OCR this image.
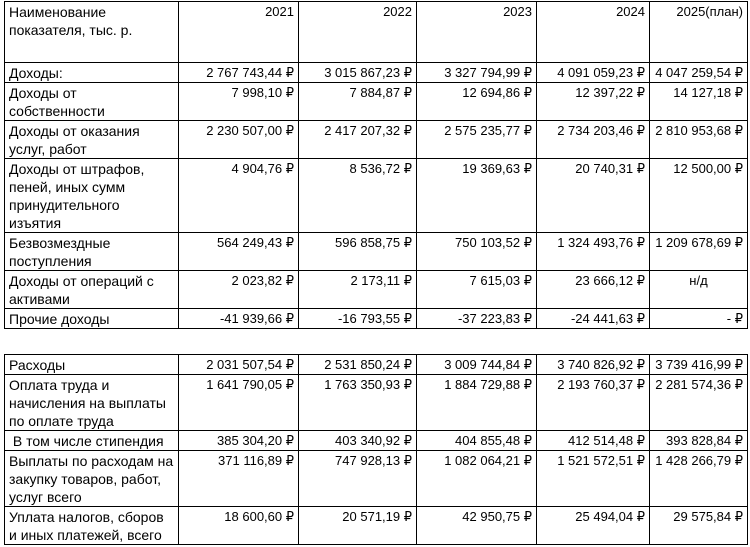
Наименование показателя, тыс. р.	2021	2022	2023	2024	2025(план)
Доходы:	2 767 743,44 ₽	3 015 867,23 ₽	3 327 794,99 ₽	4 091 059,23 ₽	4 047 259,54 ₽
Доходы от собственности	7 998,10 ₽	7 884,87 ₽	12 694,86 ₽	12 397,22 ₽	14 127,18 ₽
Доходы от оказания услуг, работ	2 230 507,00 ₽	2 417 207,32 ₽	2 575 235,77 ₽	2 734 203,46 ₽	2 810 953,68 ₽
Доходы от штрафов, пеней, иных сумм принудительного изъятия	4 904,76 ₽	8 536,72 ₽	19 369,63 ₽	20 740,31 ₽	12 500,00 ₽
Безвозмездные поступления	564 249,43 ₽	596 858,75 ₽	750 103,52 ₽	1 324 493,76 ₽	1 209 678,69 ₽
Доходы от операций с активами	2 023,82 ₽	2 173,11 ₽	7 615,03 ₽	23 666,12 ₽	н/д
Прочие доходы	-41 939,66 ₽	-16 793,55 ₽	-37 223,83 ₽	-24 441,63 ₽	- ₽
Расходы	2 031 507,54 ₽	2 531 850,24 ₽	3 009 744,84 ₽	3 740 826,92 ₽	3 739 416,99 ₽
Оплата труда и начисления на выплаты по оплате труда	1 641 790,05 ₽	1 763 350,93 ₽	1 884 729,88 ₽	2 193 760,37 ₽	2 281 574,36 ₽
В том числе стипендия	385 304,20 ₽	403 340,92 ₽	404 855,48 ₽	412 514,48 ₽	393 828,84 ₽
Выплаты по расходам на закупку товаров, работ, услуг всего	371 116,89 ₽	747 928,13 ₽	1 082 064,21 ₽	1 521 572,51 ₽	1 428 266,79 ₽
Уплата налогов, сборов и иных платежей, всего	18 600,60 ₽	20 571,19 ₽	42 950,75 ₽	25 494,04 ₽	29 575,84 ₽
